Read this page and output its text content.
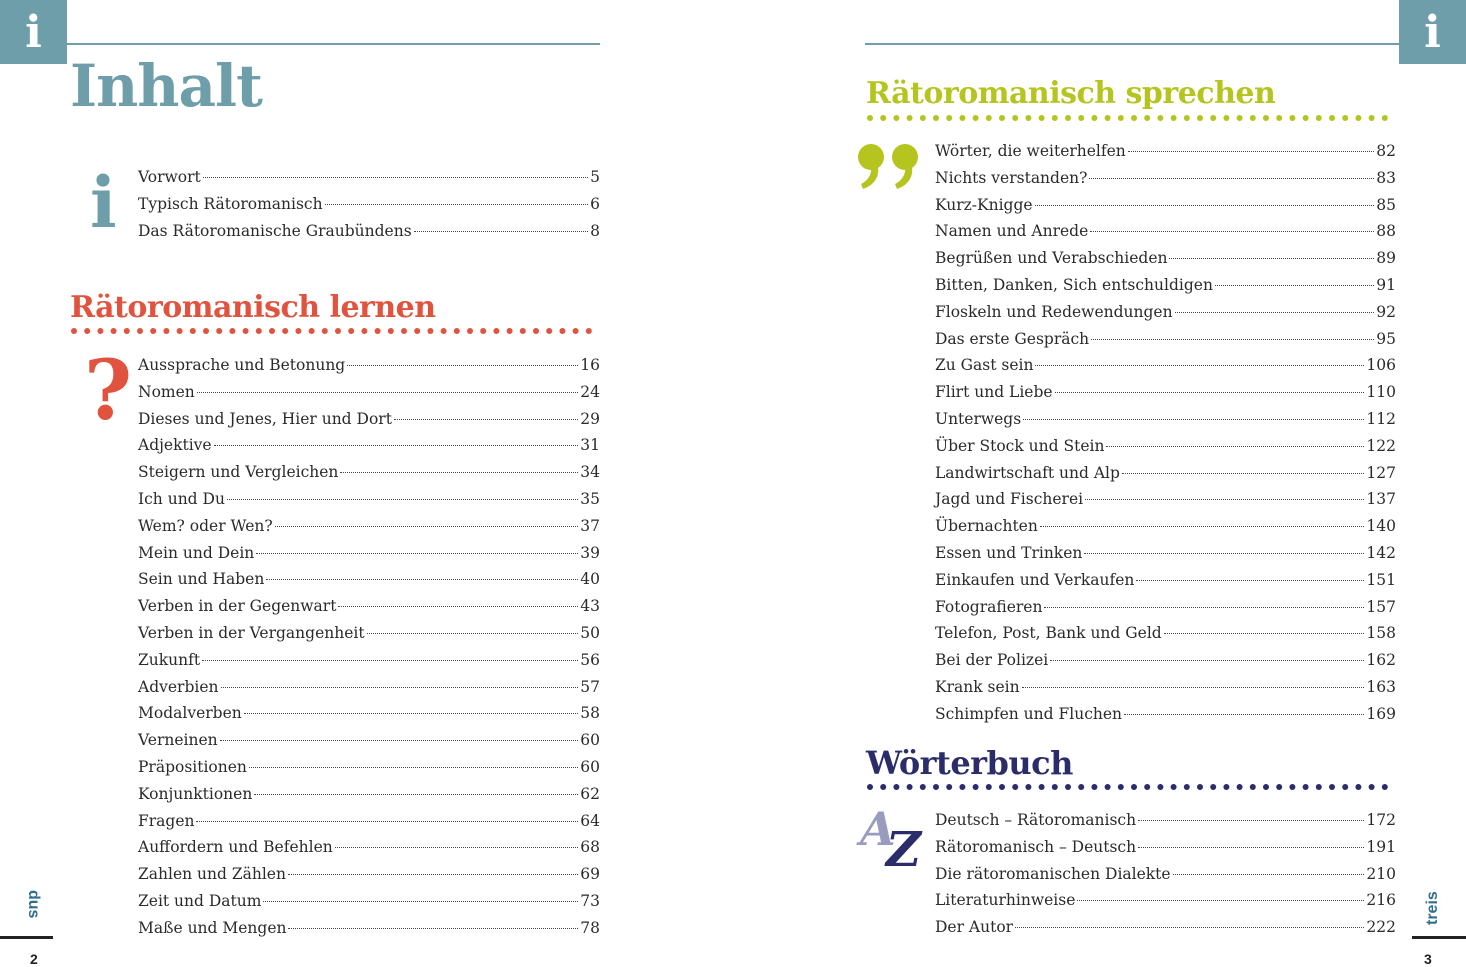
i
Inhalt
i Vorwort	5
Typisch Rätoromanisch	6
Das Rätoromanische Graubündens	8
Rätoromanisch lernen
? Aussprache und Betonung	16
Nomen	24
Dieses und Jenes, Hier und Dort	29
Adjektive	31
Steigern und Vergleichen	34
Ich und Du	35
Wem? oder Wen?	37
Mein und Dein	39
Sein und Haben	40
Verben in der Gegenwart	43
Verben in der Vergangenheit	50
Zukunft	56
Adverbien	57
Modalverben	58
Verneinen	60
Präpositionen	60
Konjunktionen	62
Fragen	64
Auffordern und Befehlen	68
Zahlen und Zählen	69
Zeit und Datum	73
Maße und Mengen	78
dus
2
i
Rätoromanisch sprechen
Wörter, die weiterhelfen	82
Nichts verstanden?	83
Kurz-Knigge	85
Namen und Anrede	88
Begrüßen und Verabschieden	89
Bitten, Danken, Sich entschuldigen	91
Floskeln und Redewendungen	92
Das erste Gespräch	95
Zu Gast sein	106
Flirt und Liebe	110
Unterwegs	112
Über Stock und Stein	122
Landwirtschaft und Alp	127
Jagd und Fischerei	137
Übernachten	140
Essen und Trinken	142
Einkaufen und Verkaufen	151
Fotografieren	157
Telefon, Post, Bank und Geld	158
Bei der Polizei	162
Krank sein	163
Schimpfen und Fluchen	169
Wörterbuch
A
Z
Deutsch – Rätoromanisch	172
Rätoromanisch – Deutsch	191
Die rätoromanischen Dialekte	210
Literaturhinweise	216
Der Autor	222
treis
3
